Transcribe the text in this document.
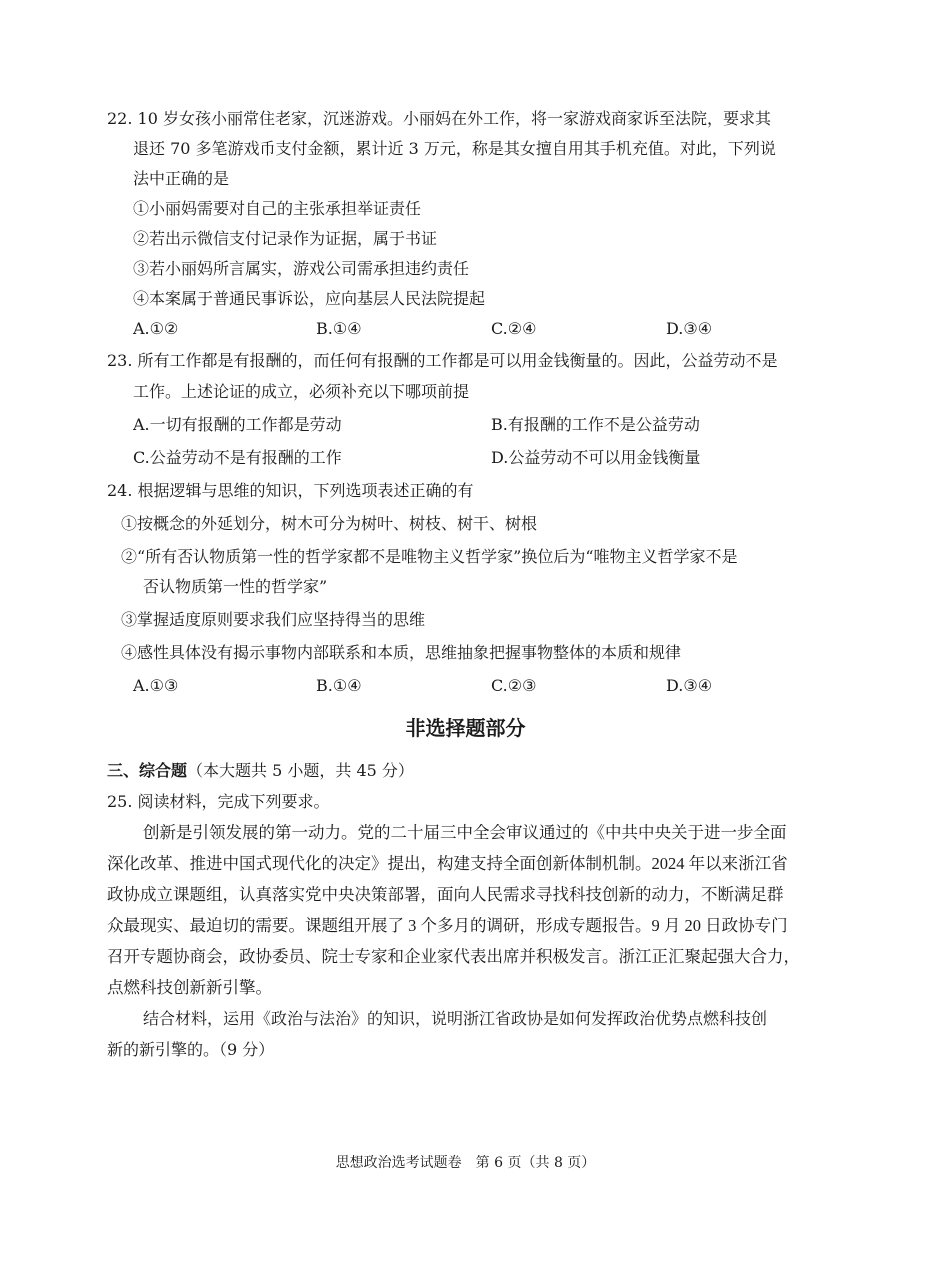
22. 10 岁女孩小丽常住老家，沉迷游戏。小丽妈在外工作，将一家游戏商家诉至法院，要求其
退还 70 多笔游戏币支付金额，累计近 3 万元，称是其女擅自用其手机充值。对此，下列说
法中正确的是
①小丽妈需要对自己的主张承担举证责任
②若出示微信支付记录作为证据，属于书证
③若小丽妈所言属实，游戏公司需承担违约责任
④本案属于普通民事诉讼，应向基层人民法院提起
A.①②	B.①④	C.②④	D.③④
23. 所有工作都是有报酬的，而任何有报酬的工作都是可以用金钱衡量的。因此，公益劳动不是
工作。上述论证的成立，必须补充以下哪项前提
A.一切有报酬的工作都是劳动	B.有报酬的工作不是公益劳动
C.公益劳动不是有报酬的工作	D.公益劳动不可以用金钱衡量
24. 根据逻辑与思维的知识，下列选项表述正确的有
①按概念的外延划分，树木可分为树叶、树枝、树干、树根
②“所有否认物质第一性的哲学家都不是唯物主义哲学家”换位后为“唯物主义哲学家不是
否认物质第一性的哲学家”
③掌握适度原则要求我们应坚持得当的思维
④感性具体没有揭示事物内部联系和本质，思维抽象把握事物整体的本质和规律
A.①③	B.①④	C.②③	D.③④
非选择题部分
三、综合题（本大题共 5 小题，共 45 分）
25. 阅读材料，完成下列要求。
创新是引领发展的第一动力。党的二十届三中全会审议通过的《中共中央关于进一步全面
深化改革、推进中国式现代化的决定》提出，构建支持全面创新体制机制。2024 年以来浙江省
政协成立课题组，认真落实党中央决策部署，面向人民需求寻找科技创新的动力，不断满足群
众最现实、最迫切的需要。课题组开展了 3 个多月的调研，形成专题报告。9 月 20 日政协专门
召开专题协商会，政协委员、院士专家和企业家代表出席并积极发言。浙江正汇聚起强大合力，
点燃科技创新新引擎。
结合材料，运用《政治与法治》的知识，说明浙江省政协是如何发挥政治优势点燃科技创
新的新引擎的。（9 分）
思想政治选考试题卷　第 6 页（共 8 页）
